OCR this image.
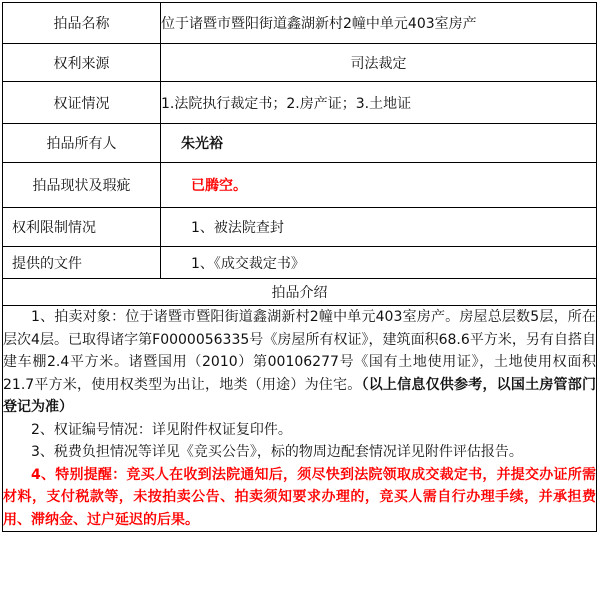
拍品名称	位于诸暨市暨阳街道鑫湖新村2幢中单元403室房产
权利来源	司法裁定
权证情况	1.法院执行裁定书；2.房产证；3.土地证
拍品所有人	朱光裕
拍品现状及瑕疵	已腾空。
权利限制情况	1、被法院查封
提供的文件	1、《成交裁定书》
拍品介绍	

1、拍卖对象：位于诸暨市暨阳街道鑫湖新村2幢中单元403室房产。房屋总层数5层，所在层次4层。已取得诸字第F0000056335号《房屋所有权证》，建筑面积68.6平方米，另有自搭自建车棚2.4平方米。诸暨国用（2010）第00106277号《国有土地使用证》，土地使用权面积21.7平方米，使用权类型为出让，地类（用途）为住宅。（以上信息仅供参考，以国土房管部门登记为准）

2、权证编号情况：详见附件权证复印件。

3、税费负担情况等详见《竞买公告》，标的物周边配套情况详见附件评估报告。

4、特别提醒：竞买人在收到法院通知后，须尽快到法院领取成交裁定书，并提交办证所需材料，支付税款等，未按拍卖公告、拍卖须知要求办理的，竞买人需自行办理手续，并承担费用、滞纳金、过户延迟的后果。	
